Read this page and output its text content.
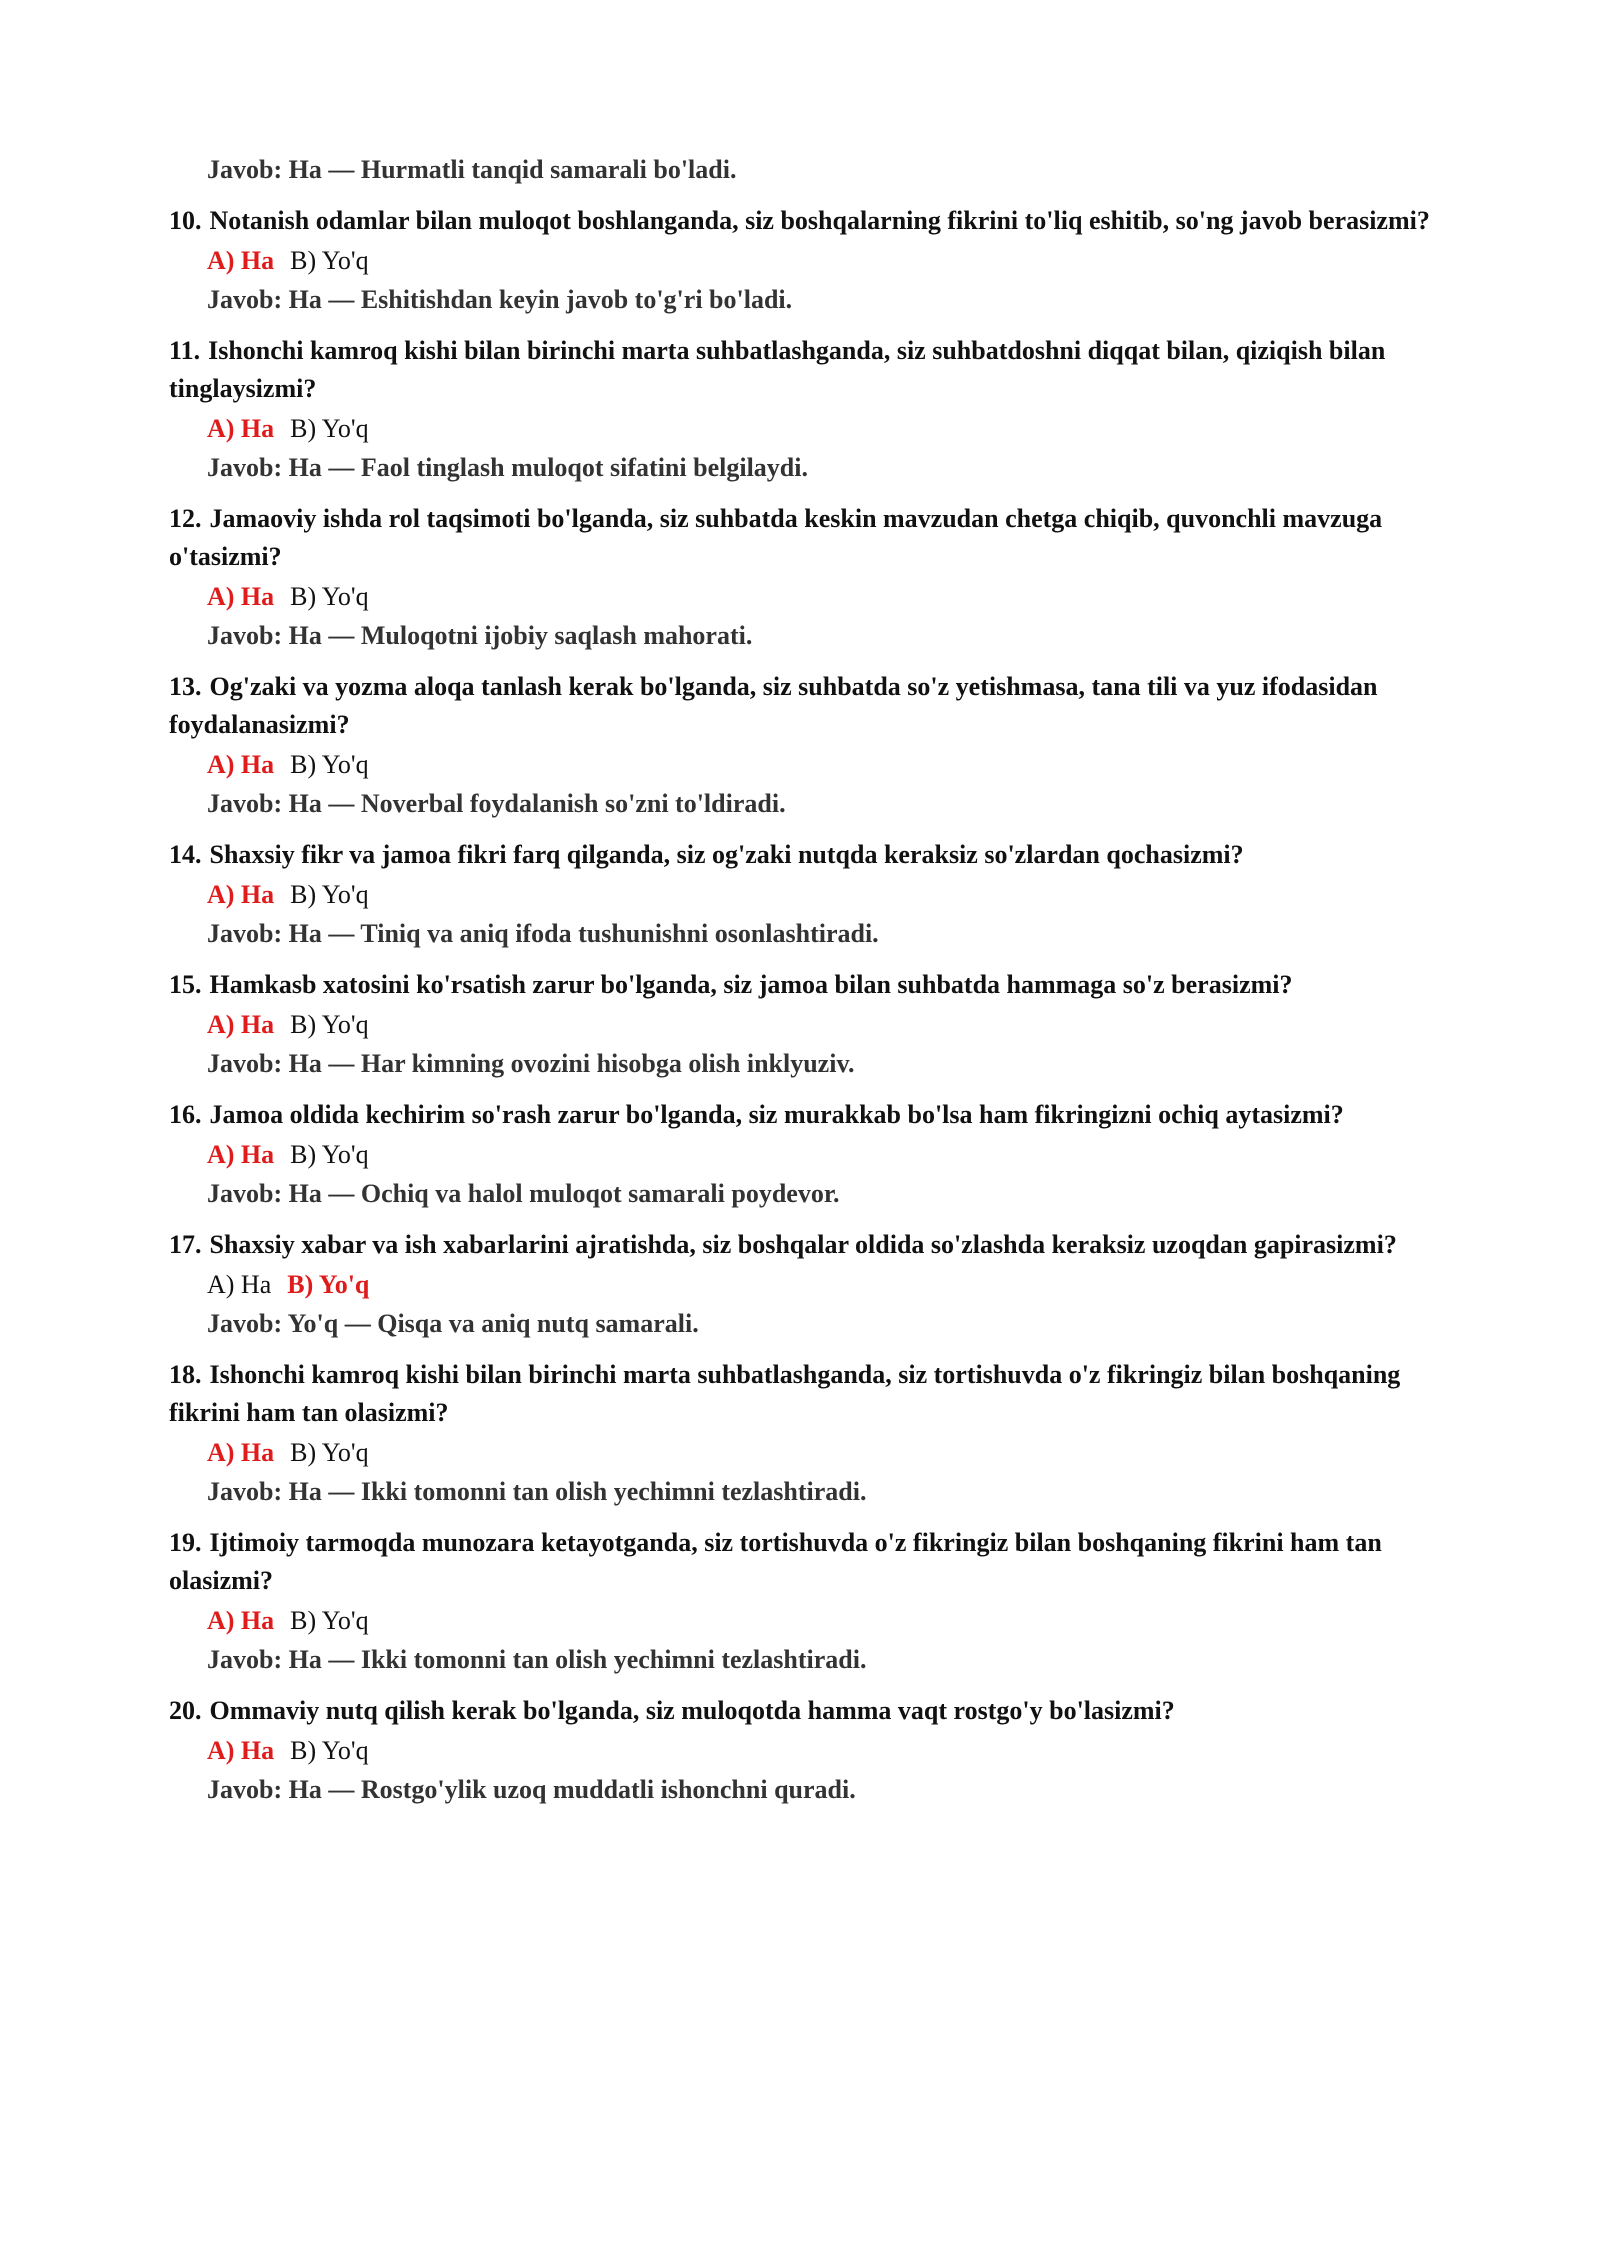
Javob: Ha — Hurmatli tanqid samarali bo'ladi.
10. Notanish odamlar bilan muloqot boshlanganda, siz boshqalarning fikrini to'liq eshitib, so'ng javob berasizmi?
A) Ha B) Yo'q
Javob: Ha — Eshitishdan keyin javob to'g'ri bo'ladi.
11. Ishonchi kamroq kishi bilan birinchi marta suhbatlashganda, siz suhbatdoshni diqqat bilan, qiziqish bilan tinglaysizmi?
A) Ha B) Yo'q
Javob: Ha — Faol tinglash muloqot sifatini belgilaydi.
12. Jamaoviy ishda rol taqsimoti bo'lganda, siz suhbatda keskin mavzudan chetga chiqib, quvonchli mavzuga o'tasizmi?
A) Ha B) Yo'q
Javob: Ha — Muloqotni ijobiy saqlash mahorati.
13. Og'zaki va yozma aloqa tanlash kerak bo'lganda, siz suhbatda so'z yetishmasa, tana tili va yuz ifodasidan foydalanasizmi?
A) Ha B) Yo'q
Javob: Ha — Noverbal foydalanish so'zni to'ldiradi.
14. Shaxsiy fikr va jamoa fikri farq qilganda, siz og'zaki nutqda keraksiz so'zlardan qochasizmi?
A) Ha B) Yo'q
Javob: Ha — Tiniq va aniq ifoda tushunishni osonlashtiradi.
15. Hamkasb xatosini ko'rsatish zarur bo'lganda, siz jamoa bilan suhbatda hammaga so'z berasizmi?
A) Ha B) Yo'q
Javob: Ha — Har kimning ovozini hisobga olish inklyuziv.
16. Jamoa oldida kechirim so'rash zarur bo'lganda, siz murakkab bo'lsa ham fikringizni ochiq aytasizmi?
A) Ha B) Yo'q
Javob: Ha — Ochiq va halol muloqot samarali poydevor.
17. Shaxsiy xabar va ish xabarlarini ajratishda, siz boshqalar oldida so'zlashda keraksiz uzoqdan gapirasizmi?
A) Ha B) Yo'q
Javob: Yo'q — Qisqa va aniq nutq samarali.
18. Ishonchi kamroq kishi bilan birinchi marta suhbatlashganda, siz tortishuvda o'z fikringiz bilan boshqaning fikrini ham tan olasizmi?
A) Ha B) Yo'q
Javob: Ha — Ikki tomonni tan olish yechimni tezlashtiradi.
19. Ijtimoiy tarmoqda munozara ketayotganda, siz tortishuvda o'z fikringiz bilan boshqaning fikrini ham tan olasizmi?
A) Ha B) Yo'q
Javob: Ha — Ikki tomonni tan olish yechimni tezlashtiradi.
20. Ommaviy nutq qilish kerak bo'lganda, siz muloqotda hamma vaqt rostgo'y bo'lasizmi?
A) Ha B) Yo'q
Javob: Ha — Rostgo'ylik uzoq muddatli ishonchni quradi.
